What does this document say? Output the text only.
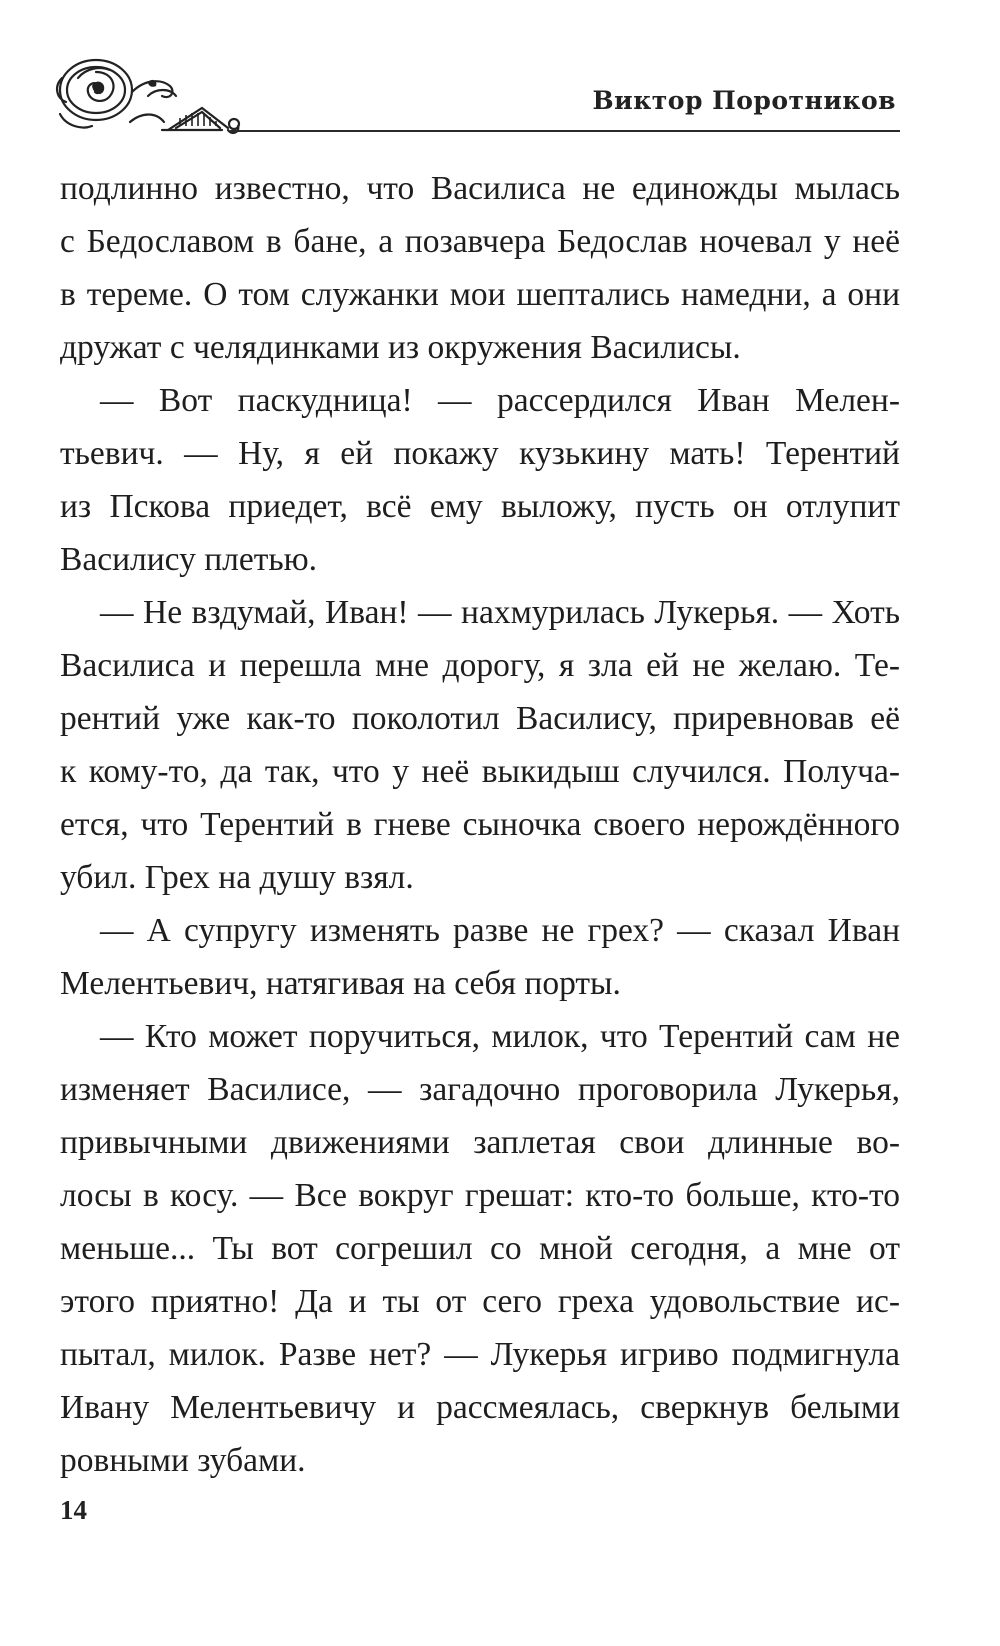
Виктор Поротников
подлинно известно, что Василиса не единожды мылась
с Бедославом в бане, а позавчера Бедослав ночевал у неё
в тереме. О том служанки мои шептались намедни, а они
дружат с челядинками из окружения Василисы.
— Вот паскудница! — рассердился Иван Мелен-
тьевич. — Ну, я ей покажу кузькину мать! Терентий
из Пскова приедет, всё ему выложу, пусть он отлупит
Василису плетью.
— Не вздумай, Иван! — нахмурилась Лукерья. — Хоть
Василиса и перешла мне дорогу, я зла ей не желаю. Те-
рентий уже как-то поколотил Василису, приревновав её
к кому-то, да так, что у неё выкидыш случился. Получа-
ется, что Терентий в гневе сыночка своего нерождённого
убил. Грех на душу взял.
— А супругу изменять разве не грех? — сказал Иван
Мелентьевич, натягивая на себя порты.
— Кто может поручиться, милок, что Терентий сам не
изменяет Василисе, — загадочно проговорила Лукерья,
привычными движениями заплетая свои длинные во-
лосы в косу. — Все вокруг грешат: кто-то больше, кто-то
меньше... Ты вот согрешил со мной сегодня, а мне от
этого приятно! Да и ты от сего греха удовольствие ис-
пытал, милок. Разве нет? — Лукерья игриво подмигнула
Ивану Мелентьевичу и рассмеялась, сверкнув белыми
ровными зубами.
14
